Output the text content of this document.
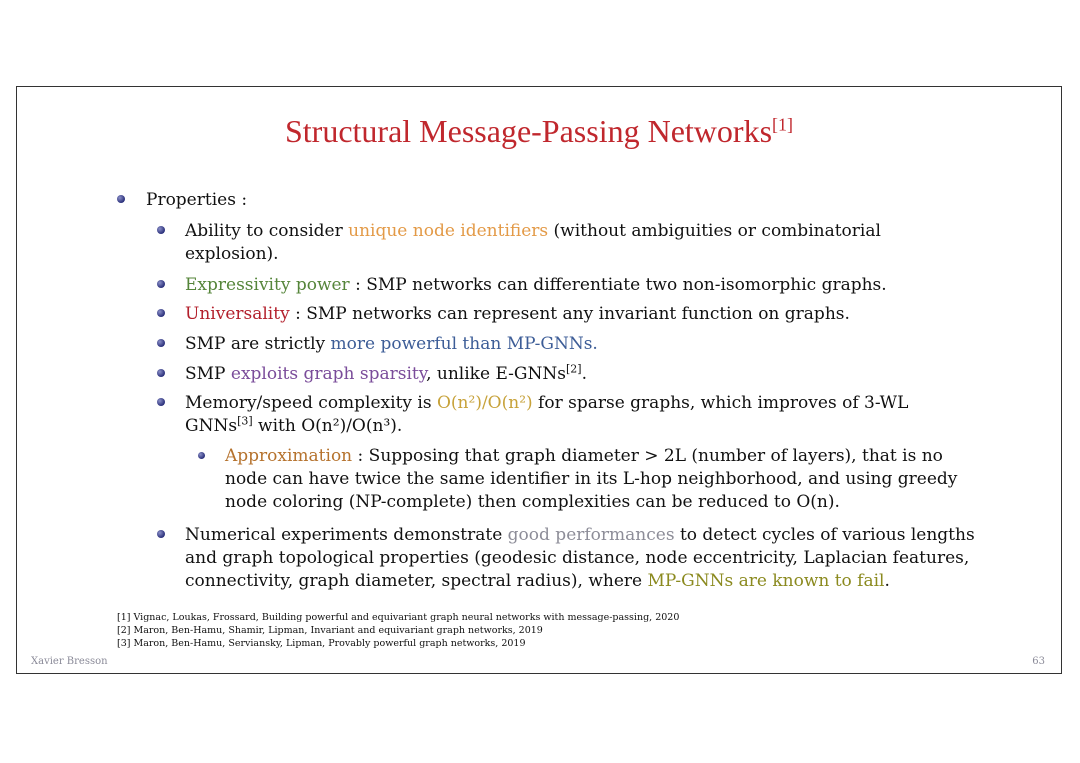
Structural Message-Passing Networks[1]
Properties :
Ability to consider unique node identifiers (without ambiguities or combinatorial
explosion).
Expressivity power : SMP networks can differentiate two non-isomorphic graphs.
Universality : SMP networks can represent any invariant function on graphs.
SMP are strictly more powerful than MP-GNNs.
SMP exploits graph sparsity, unlike E-GNNs[2].
Memory/speed complexity is O(n²)/O(n²) for sparse graphs, which improves of 3-WL
GNNs[3] with O(n²)/O(n³).
Approximation : Supposing that graph diameter > 2L (number of layers), that is no
node can have twice the same identifier in its L-hop neighborhood, and using greedy
node coloring (NP-complete) then complexities can be reduced to O(n).
Numerical experiments demonstrate good performances to detect cycles of various lengths
and graph topological properties (geodesic distance, node eccentricity, Laplacian features,
connectivity, graph diameter, spectral radius), where MP-GNNs are known to fail.
[1] Vignac, Loukas, Frossard, Building powerful and equivariant graph neural networks with message-passing, 2020
[2] Maron, Ben-Hamu, Shamir, Lipman, Invariant and equivariant graph networks, 2019
[3] Maron, Ben-Hamu, Serviansky, Lipman, Provably powerful graph networks, 2019
Xavier Bresson	63
